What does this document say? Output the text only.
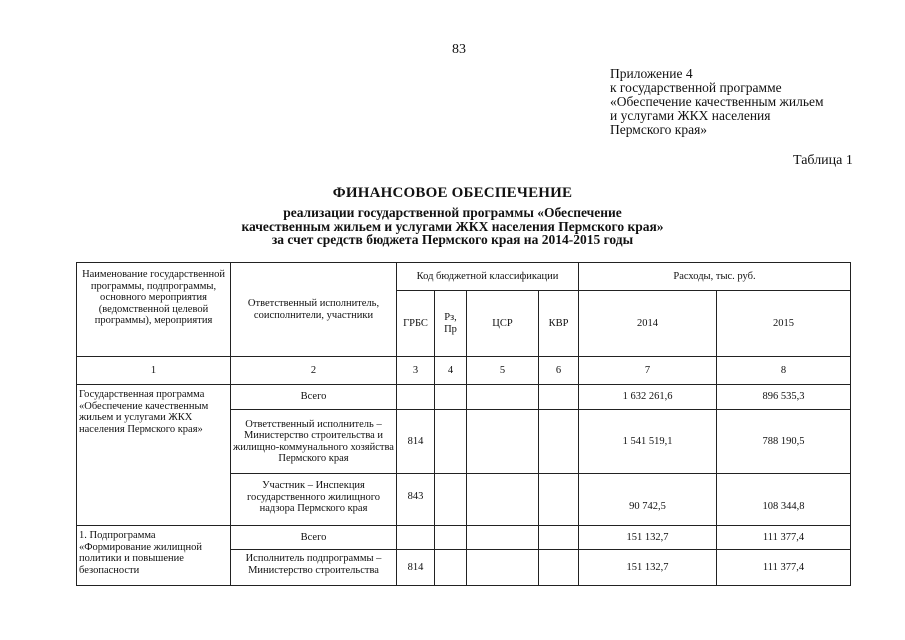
83
Приложение 4
к государственной программе
«Обеспечение качественным жильем
и услугами ЖКХ населения
Пермского края»
Таблица 1
ФИНАНСОВОЕ ОБЕСПЕЧЕНИЕ
реализации государственной программы «Обеспечение
качественным жильем и услугами ЖКХ населения Пермского края»
за счет средств бюджета Пермского края на 2014-2015 годы
Наименование государственной программы, подпрограммы, основного мероприятия (ведомственной целевой программы), мероприятия	Ответственный исполнитель, соисполнители, участники	Код бюджетной классификации				Расходы, тыс. руб.	
		ГРБС	Рз, Пр	ЦСР	КВР	2014	2015
1	2	3	4	5	6	7	8
Государственная программа «Обеспечение качественным жильем и услугами ЖКХ населения Пермского края»	Всего					1 632 261,6	896 535,3
	Ответственный исполнитель – Министерство строительства и жилищно-коммунального хозяйства Пермского края	814				1 541 519,1	788 190,5
	Участник – Инспекция государственного жилищного надзора Пермского края	843				90 742,5	108 344,8
1. Подпрограмма «Формирование жилищной политики и повышение безопасности	Всего					151 132,7	111 377,4
	Исполнитель подпрограммы – Министерство строительства	814				151 132,7	111 377,4
